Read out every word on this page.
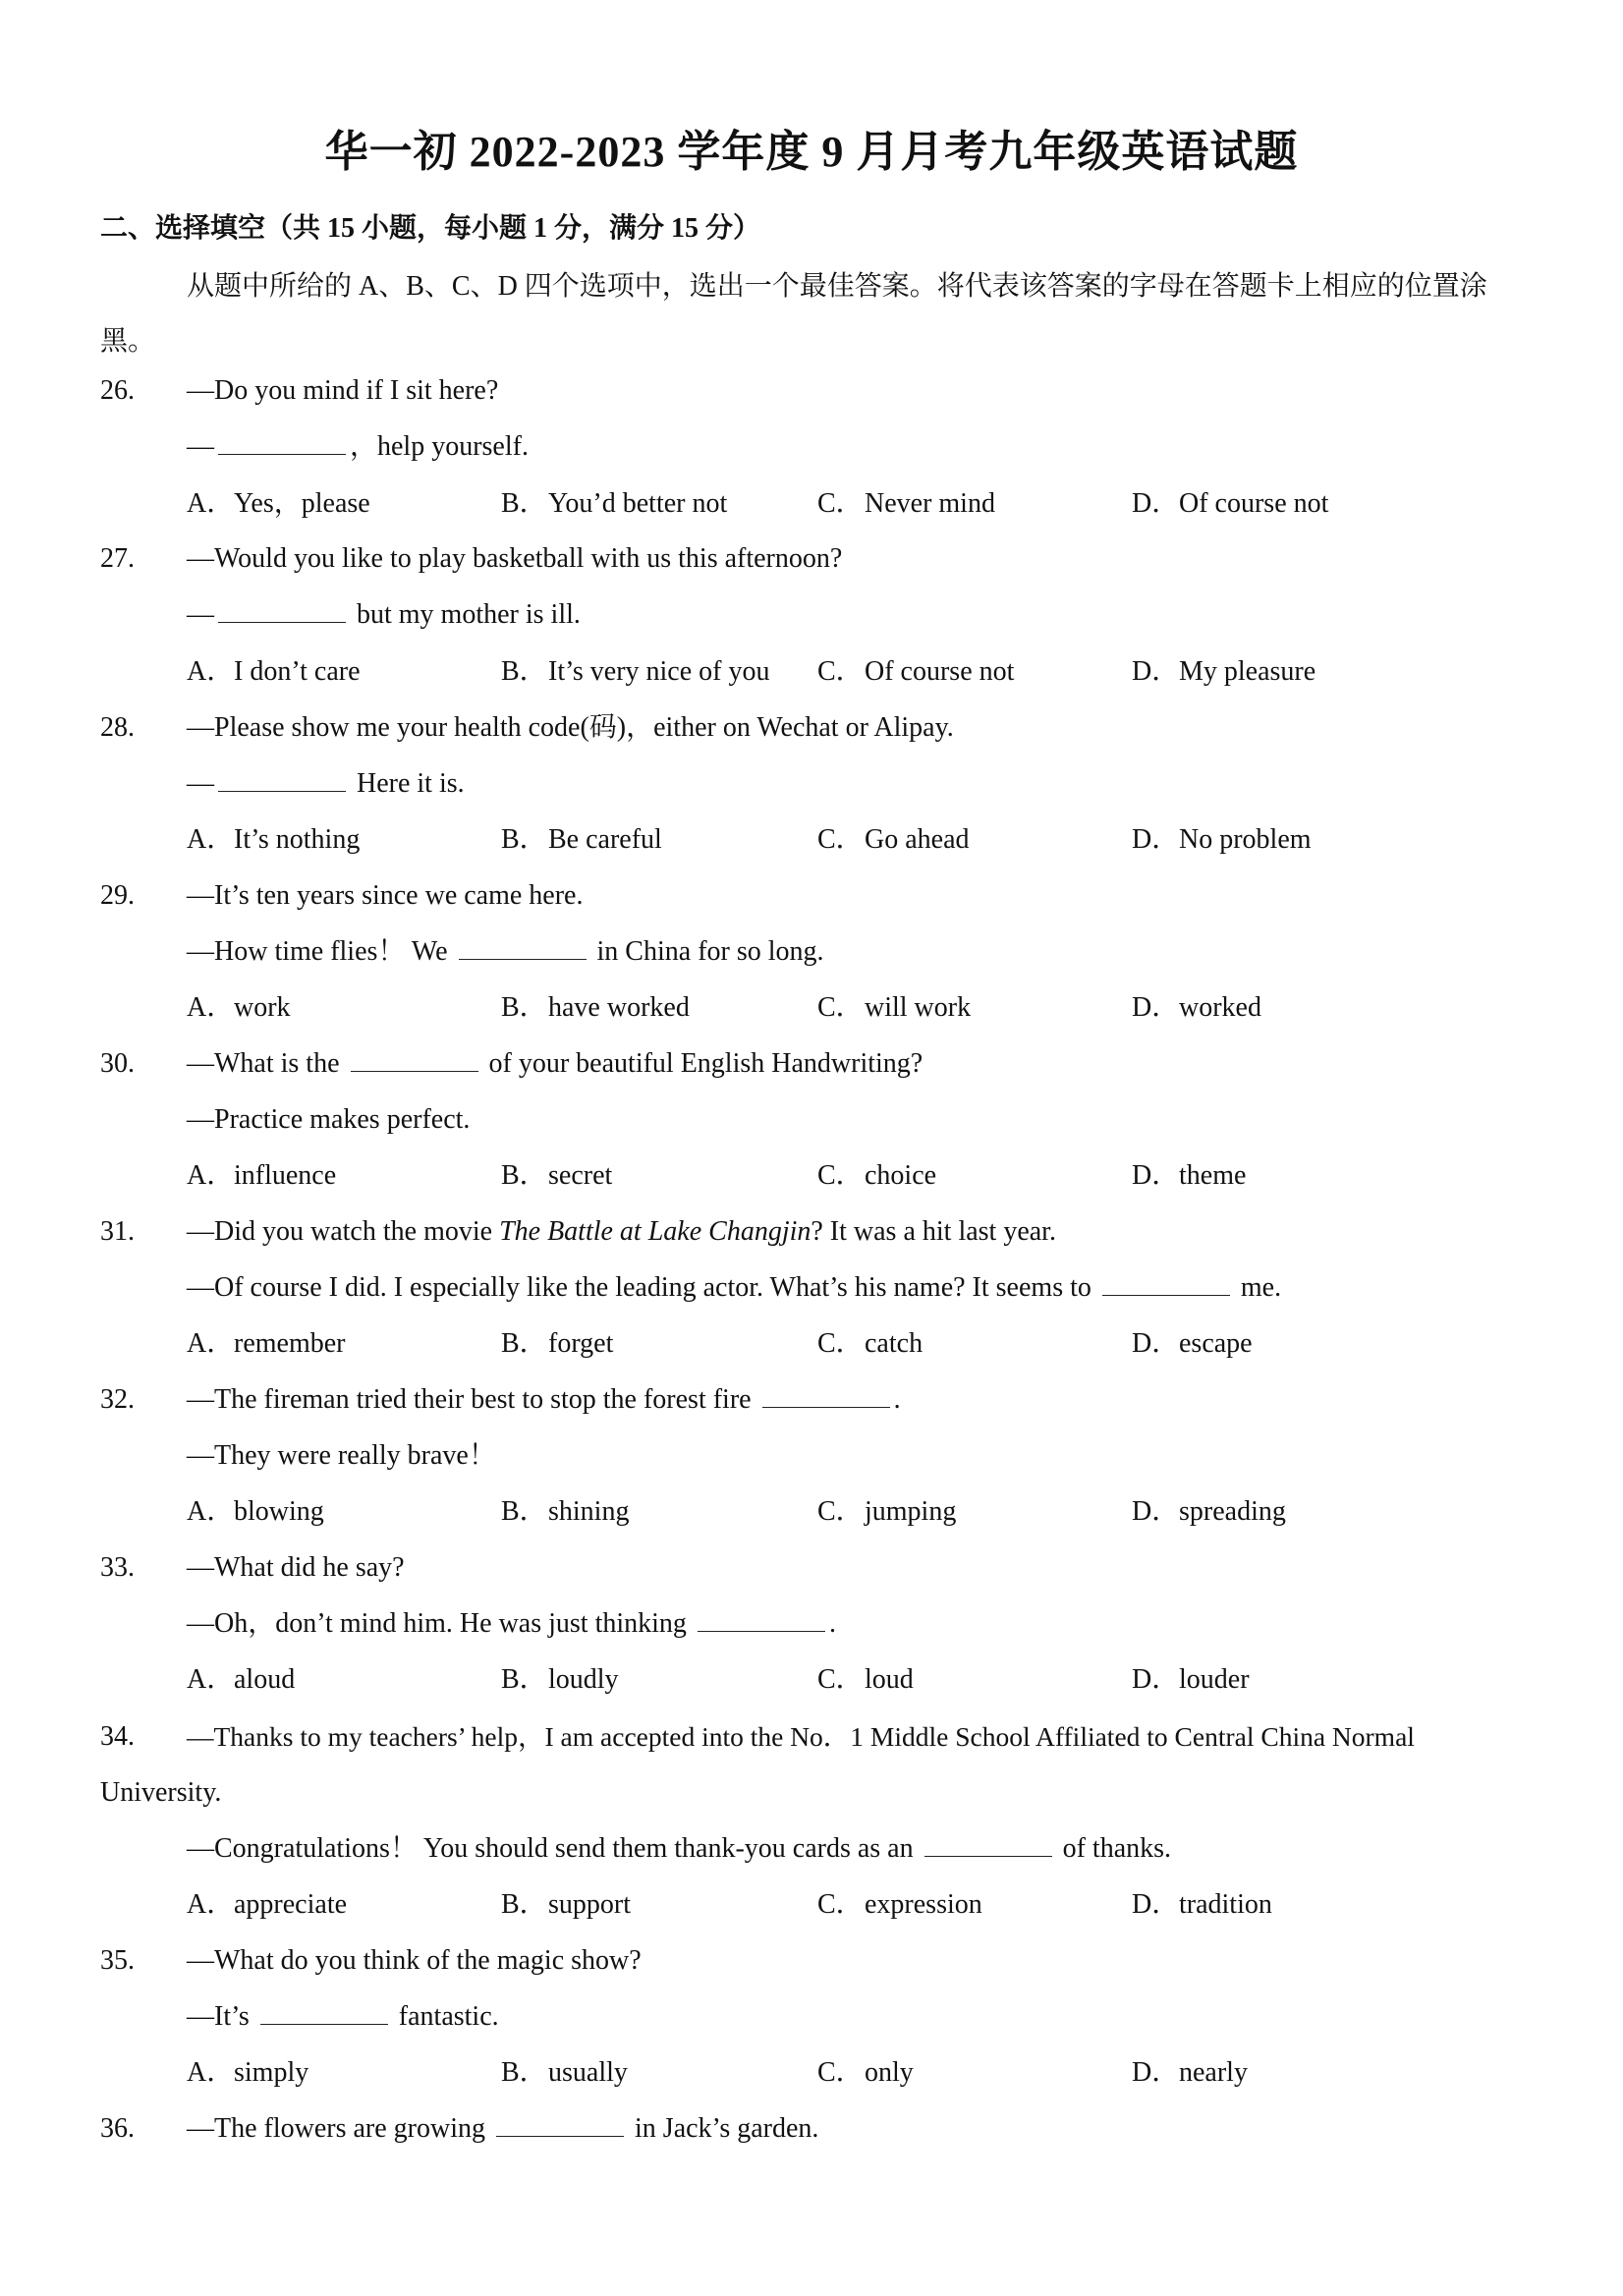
华一初 2022-2023 学年度 9 月月考九年级英语试题
二、选择填空（共 15 小题，每小题 1 分，满分 15 分）
从题中所给的 A、B、C、D 四个选项中，选出一个最佳答案。将代表该答案的字母在答题卡上相应的位置涂黑。
26. —Do you mind if I sit here?
—	，help yourself.
A．Yes，please	B．You’d better not	C．Never mind	D．Of course not
27. —Would you like to play basketball with us this afternoon?
—	but my mother is ill.
A．I don’t care	B．It’s very nice of you C．Of course not	D．My pleasure
28. —Please show me your health code(码)，either on Wechat or Alipay.
—	Here it is.
A．It’s nothing	B．Be careful	C．Go ahead	D．No problem
29. —It’s ten years since we came here.
—How time flies！ We	in China for so long.
A．work	B．have worked	C．will work	D．worked
30. —What is the	of your beautiful English Handwriting?
—Practice makes perfect.
A．influence	B．secret	C．choice	D．theme
31. —Did you watch the movie The Battle at Lake Changjin? It was a hit last year.
—Of course I did. I especially like the leading actor. What’s his name? It seems to	me.
A．remember	B．forget	C．catch	D．escape
32. —The fireman tried their best to stop the forest fire	.
—They were really brave！
A．blowing	B．shining	C．jumping	D．spreading
33. —What did he say?
—Oh，don’t mind him. He was just thinking	.
A．aloud	B．loudly	C．loud	D．louder
34. —Thanks to my teachers’ help，I am accepted into the No．1 Middle School Affiliated to Central China Normal
University.
—Congratulations！ You should send them thank-you cards as an	of thanks.
A．appreciate	B．support	C．expression	D．tradition
35. —What do you think of the magic show?
—It’s	fantastic.
A．simply	B．usually	C．only	D．nearly
36. —The flowers are growing	in Jack’s garden.
